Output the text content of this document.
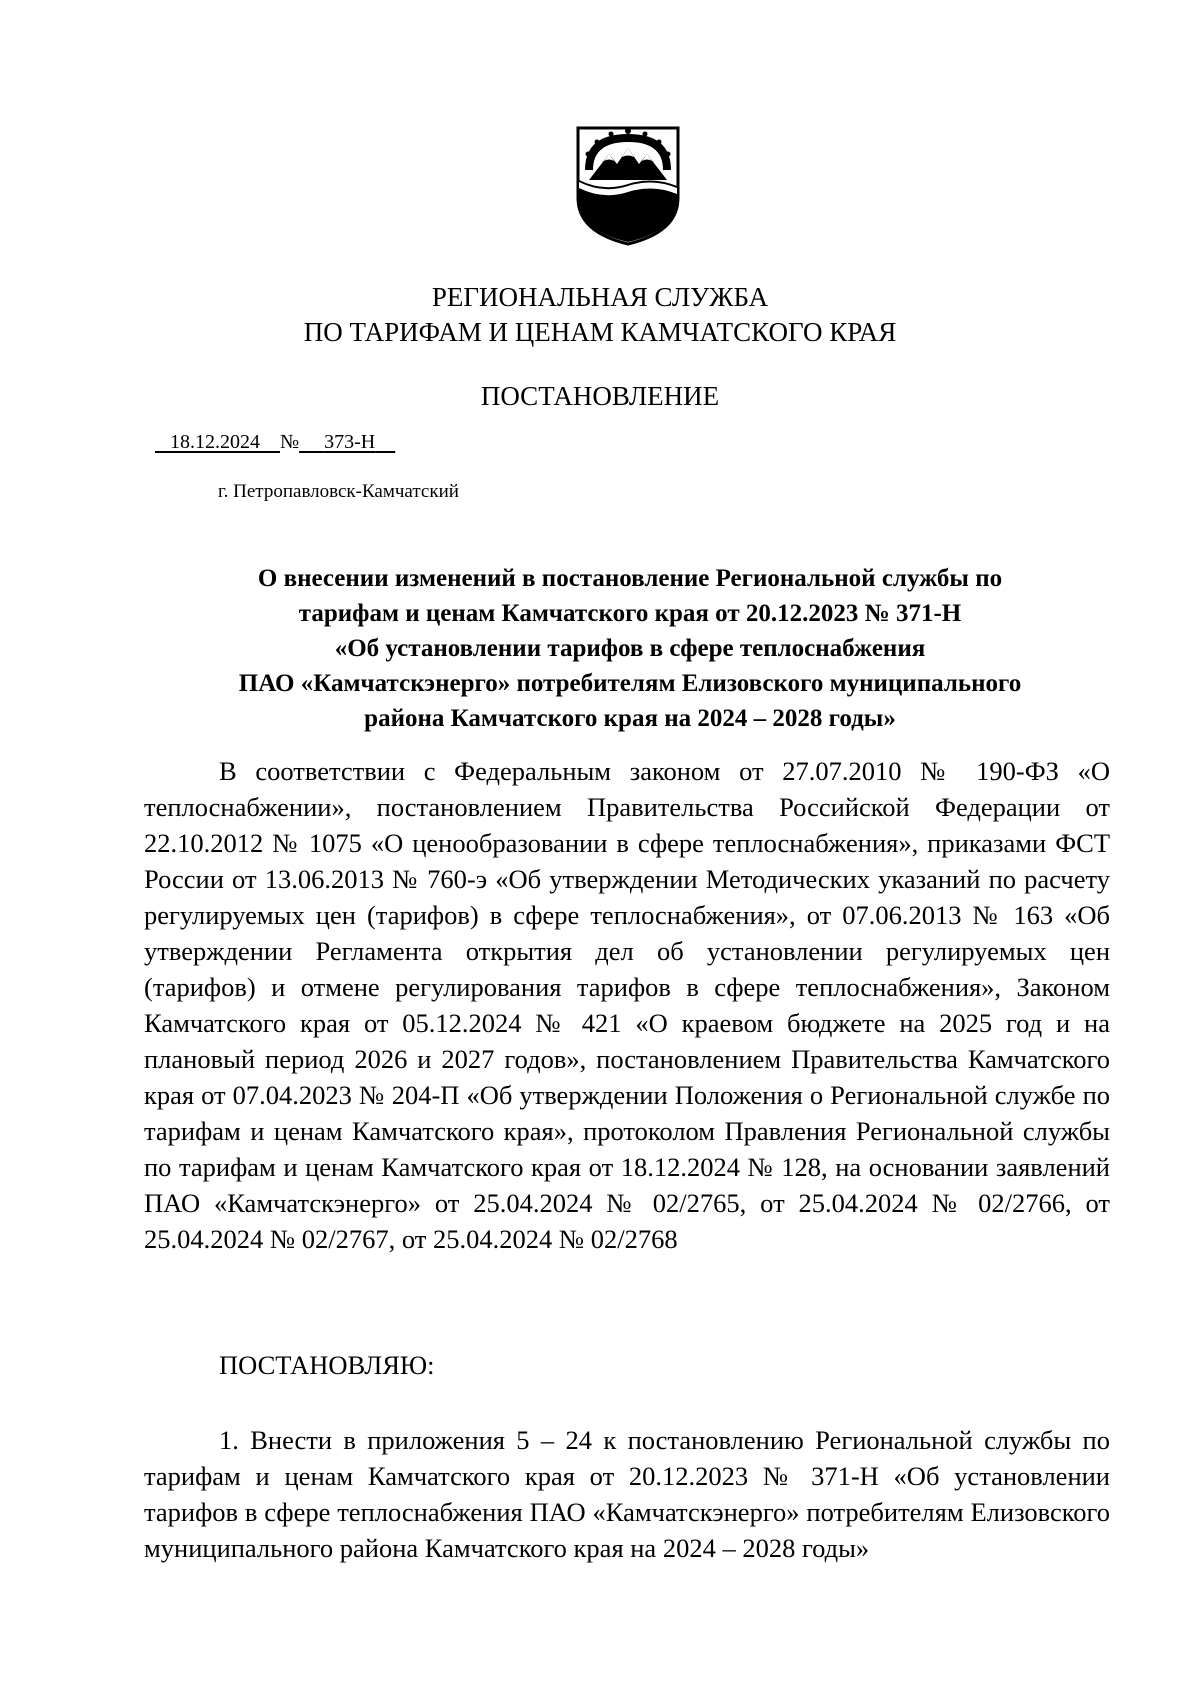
РЕГИОНАЛЬНАЯ СЛУЖБА
ПО ТАРИФАМ И ЦЕНАМ КАМЧАТСКОГО КРАЯ
ПОСТАНОВЛЕНИЕ
18.12.2024 № 373-Н
г. Петропавловск-Камчатский
О внесении изменений в постановление Региональной службы по
тарифам и ценам Камчатского края от 20.12.2023 № 371-Н
«Об установлении тарифов в сфере теплоснабжения
ПАО «Камчатскэнерго» потребителям Елизовского муниципального
района Камчатского края на 2024 – 2028 годы»

В соответствии с Федеральным законом от 27.07.2010 № 190-ФЗ «О теплоснабжении», постановлением Правительства Российской Федерации от 22.10.2012 № 1075 «О ценообразовании в сфере теплоснабжения», приказами ФСТ России от 13.06.2013 № 760-э «Об утверждении Методических указаний по расчету регулируемых цен (тарифов) в сфере теплоснабжения», от 07.06.2013 № 163 «Об утверждении Регламента открытия дел об установлении регулируемых цен (тарифов) и отмене регулирования тарифов в сфере теплоснабжения», Законом Камчатского края от 05.12.2024 № 421 «О краевом бюджете на 2025 год и на плановый период 2026 и 2027 годов», постановлением Правительства Камчатского края от 07.04.2023 № 204-П «Об утверждении Положения о Региональной службе по тарифам и ценам Камчатского края», протоколом Правления Региональной службы по тарифам и ценам Камчатского края от 18.12.2024 № 128, на основании заявлений ПАО «Камчатскэнерго» от 25.04.2024 № 02/2765, от 25.04.2024 № 02/2766, от 25.04.2024 № 02/2767, от 25.04.2024 № 02/2768

ПОСТАНОВЛЯЮ:

1. Внести в приложения 5 – 24 к постановлению Региональной службы по тарифам и ценам Камчатского края от 20.12.2023 № 371-Н «Об установлении тарифов в сфере теплоснабжения ПАО «Камчатскэнерго» потребителям Елизовского муниципального района Камчатского края на 2024 – 2028 годы»
